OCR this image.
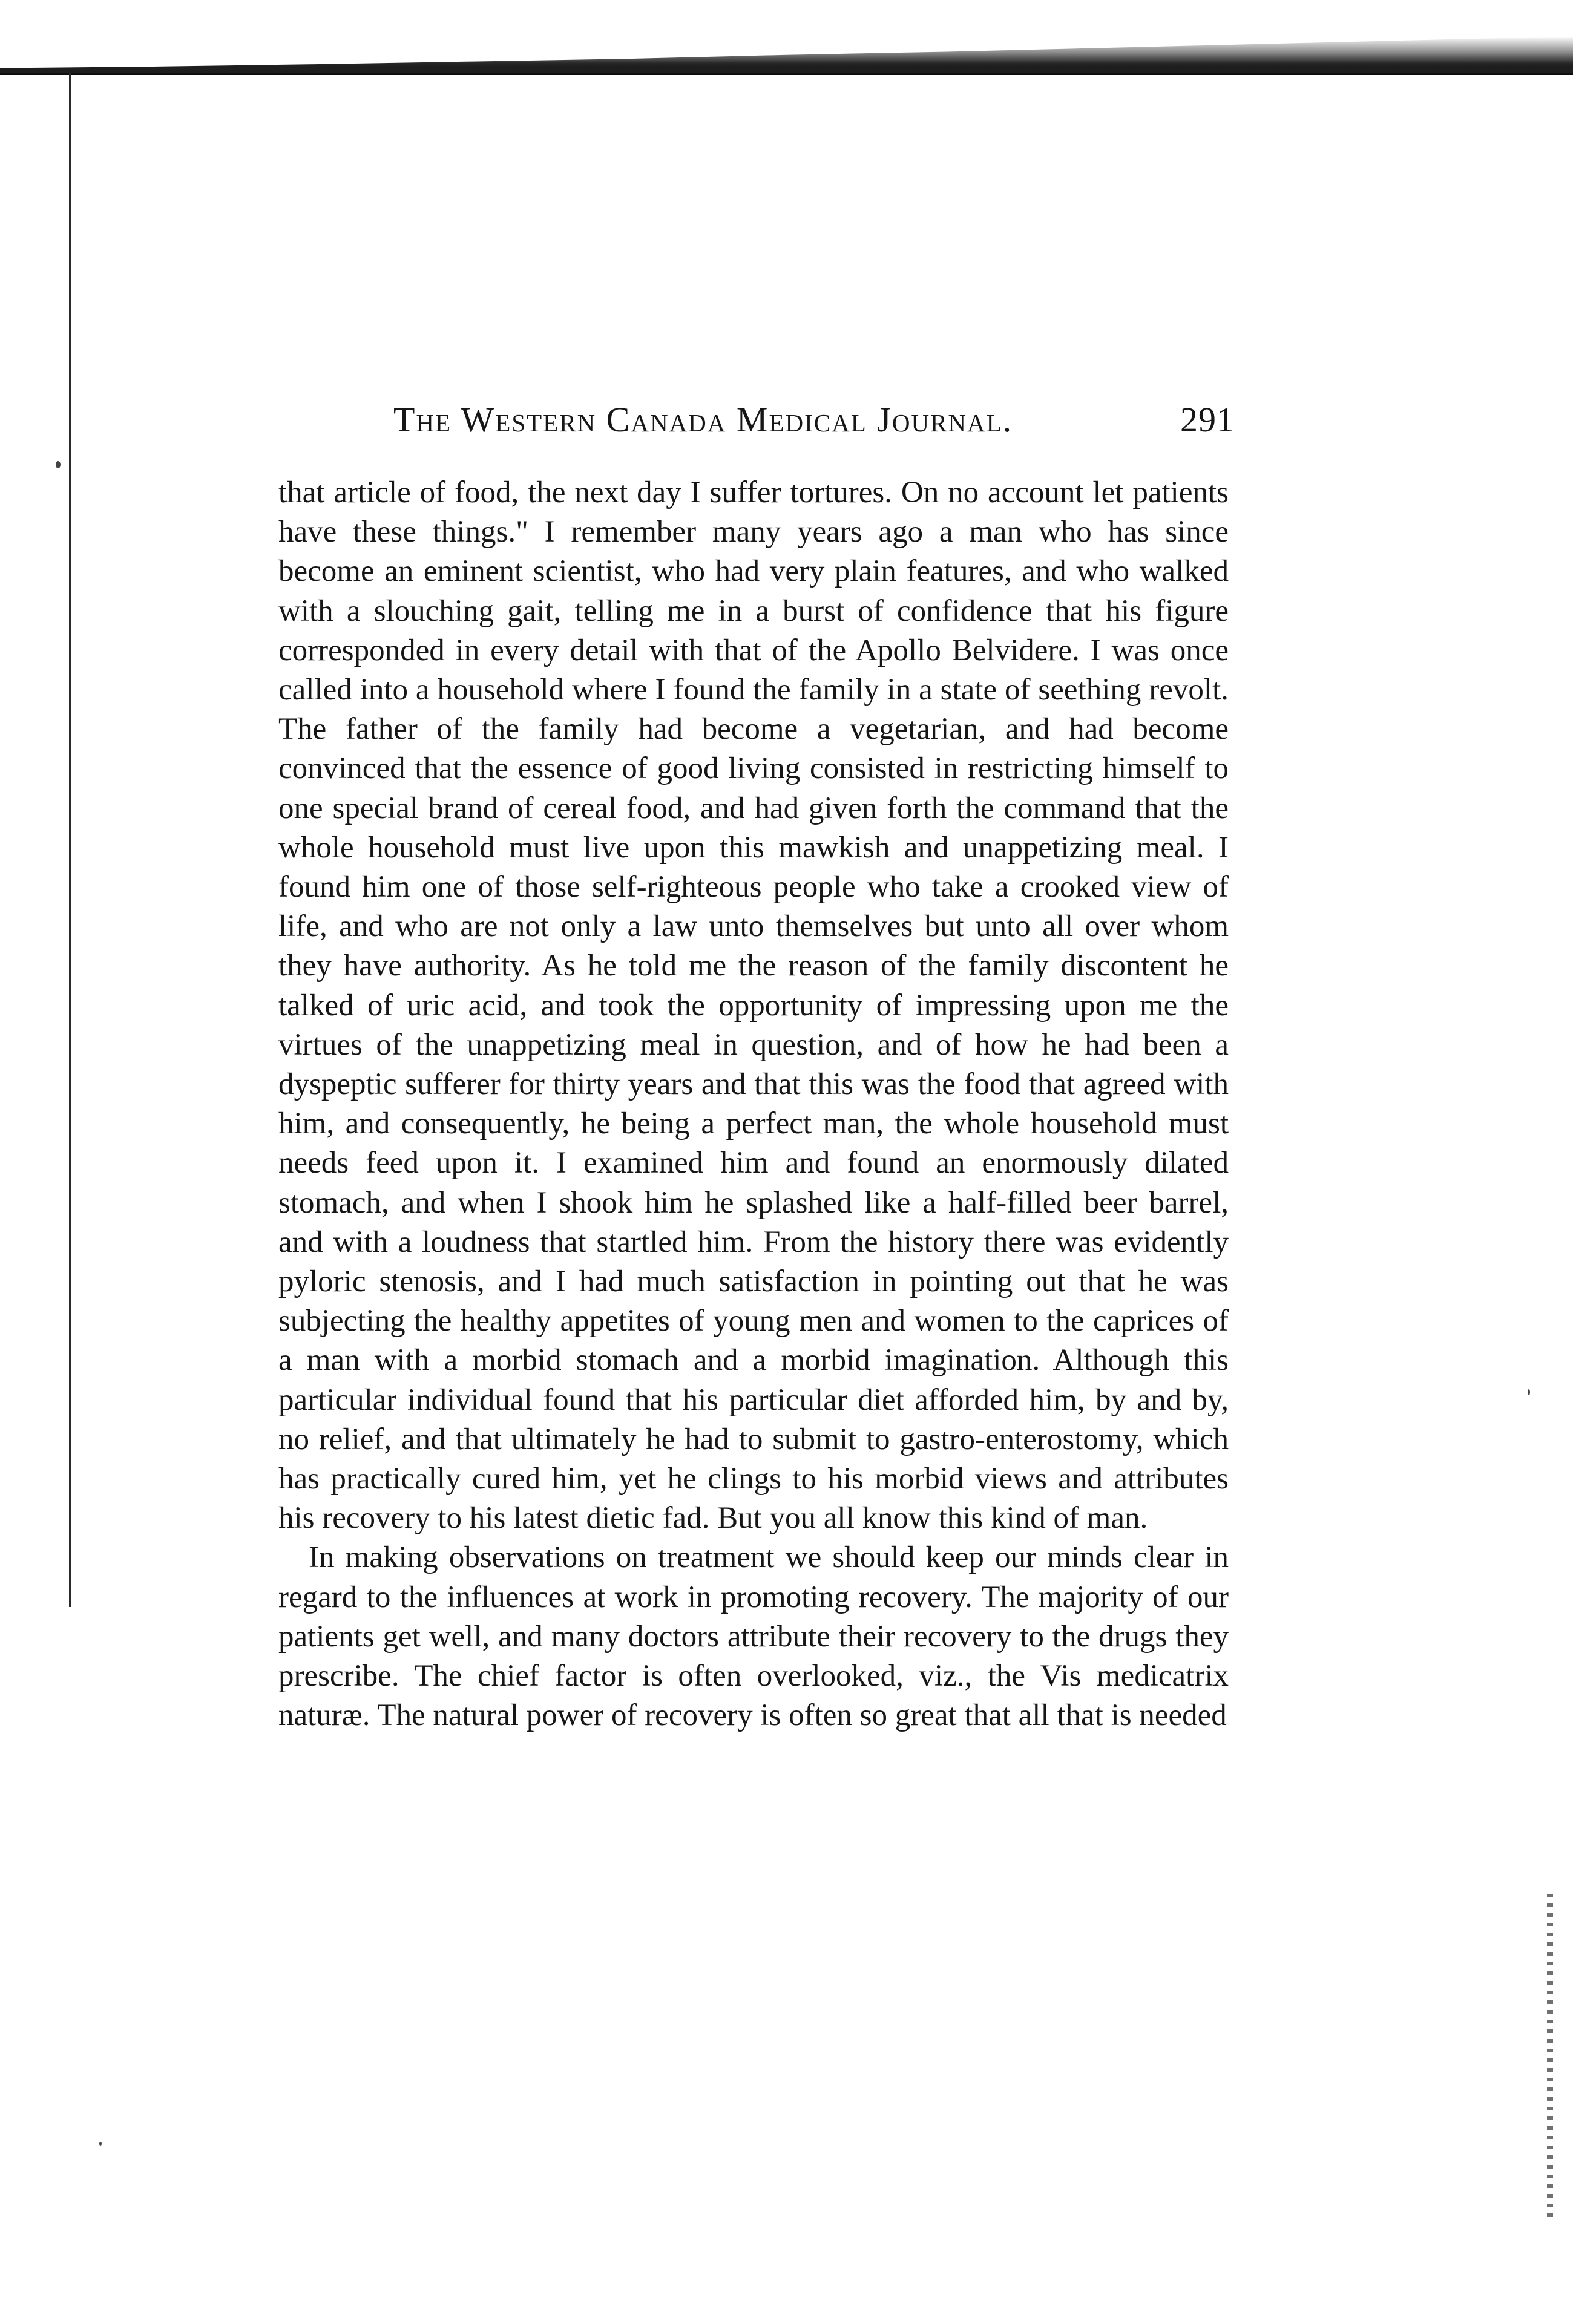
The Western Canada Medical Journal.	291

that article of food, the next day I suffer tortures. On no account let patients have these things." I remember many years ago a man who has since become an eminent scientist, who had very plain features, and who walked with a slouching gait, telling me in a burst of confidence that his figure corresponded in every detail with that of the Apollo Belvidere. I was once called into a household where I found the family in a state of seething revolt. The father of the family had become a vegetarian, and had become convinced that the essence of good living consisted in restricting himself to one special brand of cereal food, and had given forth the command that the whole household must live upon this mawkish and unappetizing meal. I found him one of those self-righteous people who take a crooked view of life, and who are not only a law unto themselves but unto all over whom they have authority. As he told me the reason of the family discontent he talked of uric acid, and took the opportunity of impressing upon me the virtues of the unappetizing meal in question, and of how he had been a dyspeptic sufferer for thirty years and that this was the food that agreed with him, and consequently, he being a perfect man, the whole household must needs feed upon it. I examined him and found an enormously dilated stomach, and when I shook him he splashed like a half-filled beer barrel, and with a loudness that startled him. From the history there was evidently pyloric stenosis, and I had much satisfaction in pointing out that he was subjecting the healthy appetites of young men and women to the caprices of a man with a morbid stomach and a morbid imagination. Although this particular individual found that his particular diet afforded him, by and by, no relief, and that ultimately he had to submit to gastro-enterostomy, which has practically cured him, yet he clings to his morbid views and attributes his recovery to his latest dietic fad. But you all know this kind of man.

In making observations on treatment we should keep our minds clear in regard to the influences at work in promoting recovery. The majority of our patients get well, and many doctors attribute their recovery to the drugs they prescribe. The chief factor is often overlooked, viz., the Vis medicatrix naturæ. The natural power of recovery is often so great that all that is needed
